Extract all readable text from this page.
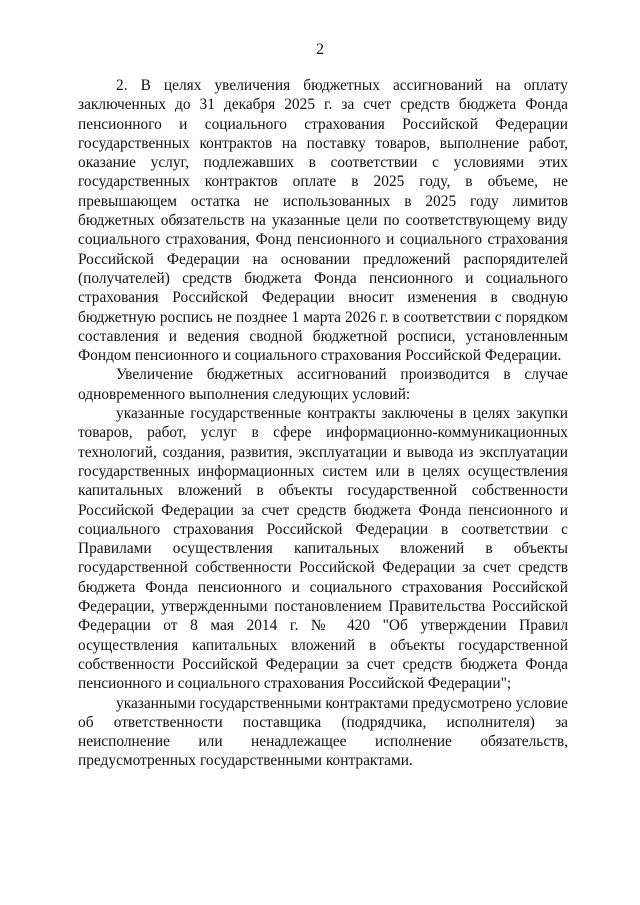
2

2. В целях увеличения бюджетных ассигнований на оплату заключенных до 31 декабря 2025 г. за счет средств бюджета Фонда пенсионного и социального страхования Российской Федерации государственных контрактов на поставку товаров, выполнение работ, оказание услуг, подлежавших в соответствии с условиями этих государственных контрактов оплате в 2025 году, в объеме, не превышающем остатка не использованных в 2025 году лимитов бюджетных обязательств на указанные цели по соответствующему виду социального страхования, Фонд пенсионного и социального страхования Российской Федерации на основании предложений распорядителей (получателей) средств бюджета Фонда пенсионного и социального страхования Российской Федерации вносит изменения в сводную бюджетную роспись не позднее 1 марта 2026 г. в соответствии с порядком составления и ведения сводной бюджетной росписи, установленным Фондом пенсионного и социального страхования Российской Федерации.

Увеличение бюджетных ассигнований производится в случае одновременного выполнения следующих условий:

указанные государственные контракты заключены в целях закупки товаров, работ, услуг в сфере информационно-коммуникационных технологий, создания, развития, эксплуатации и вывода из эксплуатации государственных информационных систем или в целях осуществления капитальных вложений в объекты государственной собственности Российской Федерации за счет средств бюджета Фонда пенсионного и социального страхования Российской Федерации в соответствии с Правилами осуществления капитальных вложений в объекты государственной собственности Российской Федерации за счет средств бюджета Фонда пенсионного и социального страхования Российской Федерации, утвержденными постановлением Правительства Российской Федерации от 8 мая 2014 г. № 420 "Об утверждении Правил осуществления капитальных вложений в объекты государственной собственности Российской Федерации за счет средств бюджета Фонда пенсионного и социального страхования Российской Федерации";

указанными государственными контрактами предусмотрено условие об ответственности поставщика (подрядчика, исполнителя) за неисполнение или ненадлежащее исполнение обязательств, предусмотренных государственными контрактами.
